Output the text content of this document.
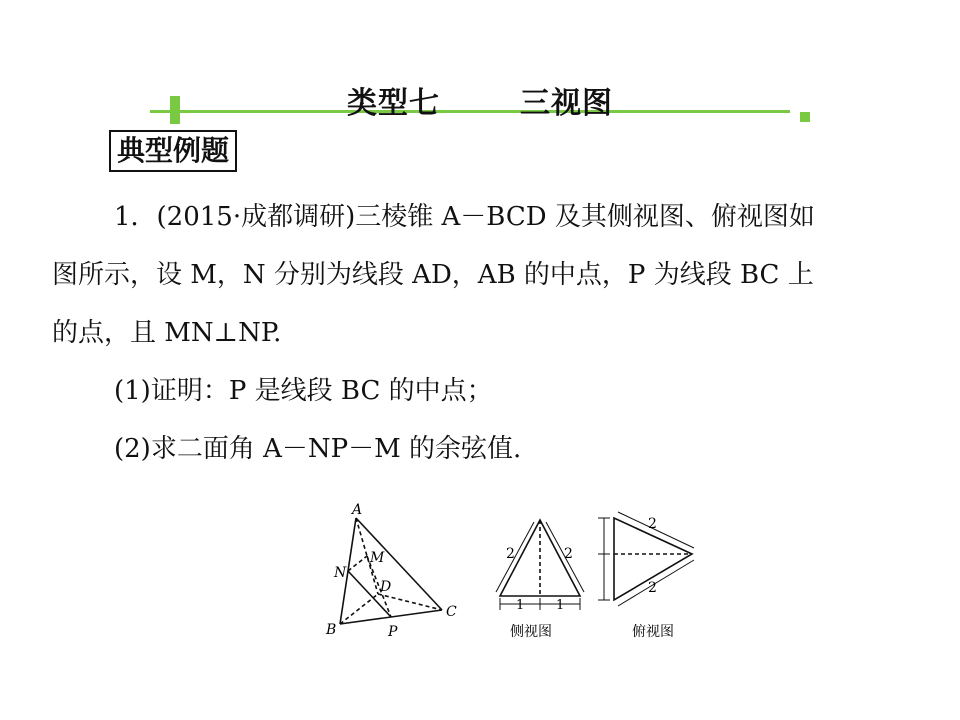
类型七	三视图
典型例题
1．(2015·成都调研)三棱锥 A－BCD 及其侧视图、俯视图如
图所示，设 M，N 分别为线段 AD，AB 的中点，P 为线段 BC 上
的点，且 MN⊥NP.
(1)证明：P 是线段 BC 的中点；
(2)求二面角 A－NP－M 的余弦值.
A
B
C
D
M
N
P
2	2
1 1
侧视图
2
2
俯视图
